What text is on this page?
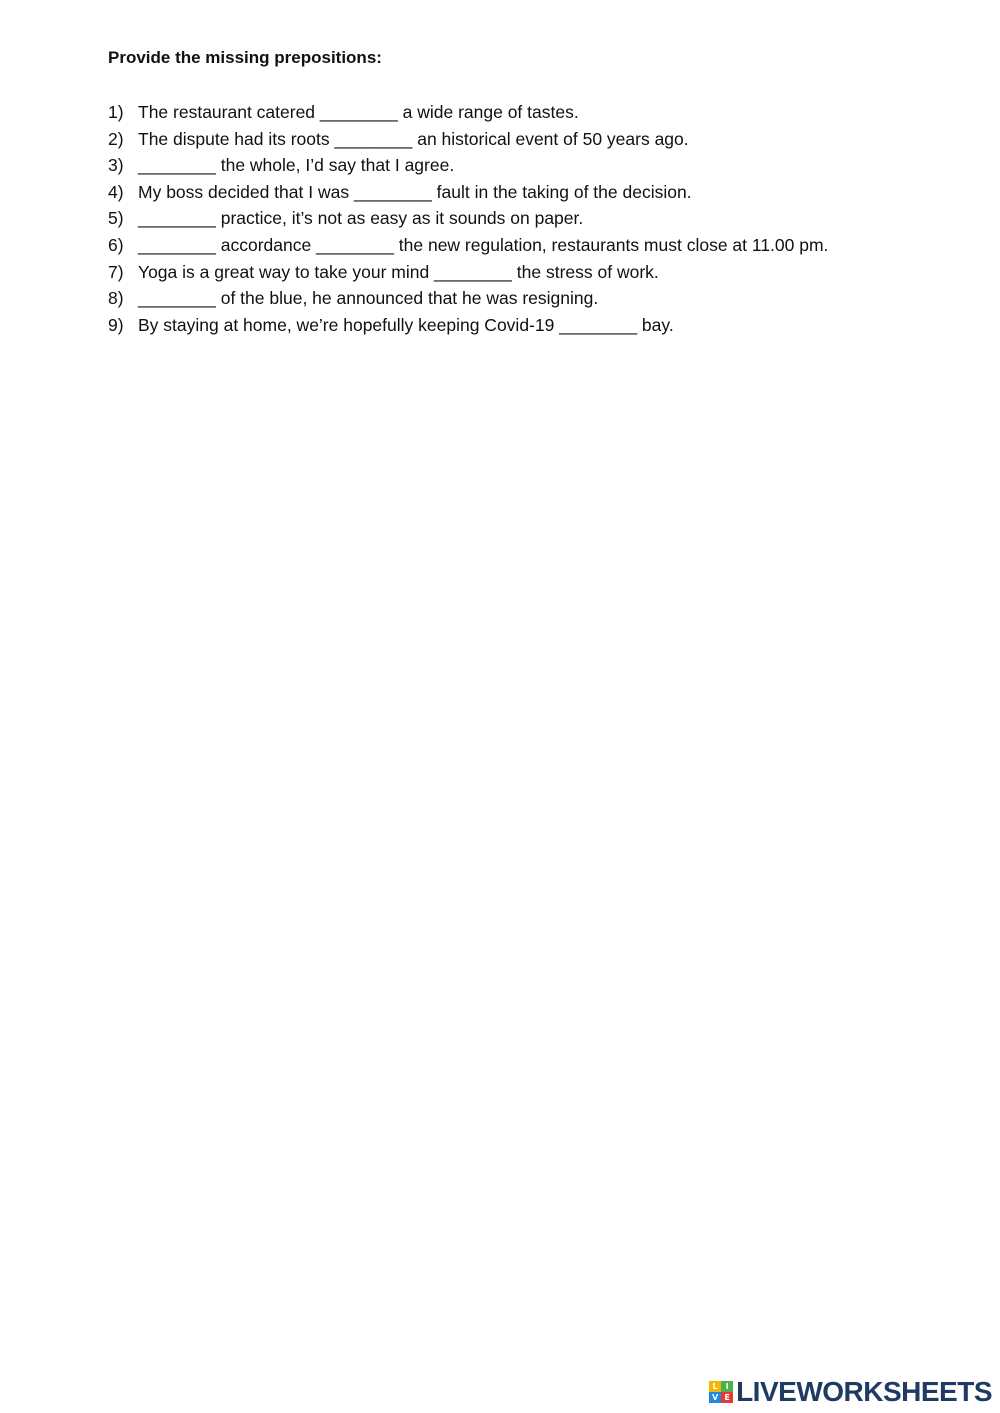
Provide the missing prepositions:
1) The restaurant catered ________ a wide range of tastes.
2) The dispute had its roots ________ an historical event of 50 years ago.
3) ________ the whole, I’d say that I agree.
4) My boss decided that I was ________ fault in the taking of the decision.
5) ________ practice, it’s not as easy as it sounds on paper.
6) ________ accordance ________ the new regulation, restaurants must close at 11.00 pm.
7) Yoga is a great way to take your mind ________ the stress of work.
8) ________ of the blue, he announced that he was resigning.
9) By staying at home, we’re hopefully keeping Covid-19 ________ bay.
L I
V E LIVEWORKSHEETS
